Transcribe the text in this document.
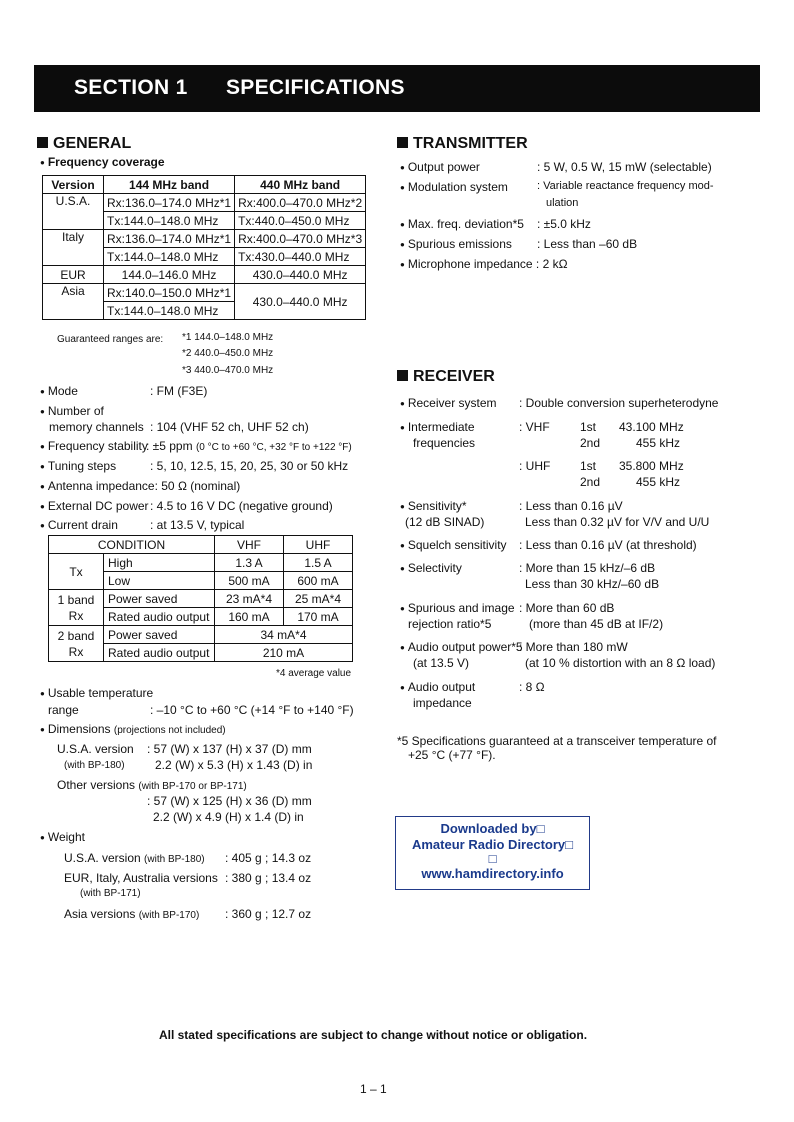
SECTION 1 SPECIFICATIONS
GENERAL
● Frequency coverage
Version	144 MHz band	440 MHz band
U.S.A.	Rx:136.0–174.0 MHz*1	Rx:400.0–470.0 MHz*2
	Tx:144.0–148.0 MHz	Tx:440.0–450.0 MHz
Italy	Rx:136.0–174.0 MHz*1	Rx:400.0–470.0 MHz*3
	Tx:144.0–148.0 MHz	Tx:430.0–440.0 MHz
EUR	144.0–146.0 MHz	430.0–440.0 MHz
Asia	Rx:140.0–150.0 MHz*1	430.0–440.0 MHz
	Tx:144.0–148.0 MHz	
Guaranteed ranges are: *1 144.0–148.0 MHz
*2 440.0–450.0 MHz
*3 440.0–470.0 MHz
● Mode	: FM (F3E)
● Number of
memory channels : 104 (VHF 52 ch, UHF 52 ch)
● Frequency stability
: ±5 ppm (0 °C to +60 °C, +32 °F to +122 °F)
● Tuning steps	: 5, 10, 12.5, 15, 20, 25, 30 or 50 kHz
● Antenna impedance: 50 Ω (nominal)
● External DC power : 4.5 to 16 V DC (negative ground)
● Current drain	: at 13.5 V, typical
CONDITION		VHF	UHF
Tx	High	1.3 A	1.5 A
	Low	500 mA	600 mA
1 band
Rx	Power saved	23 mA*4	25 mA*4
	Rated audio output	160 mA	170 mA
2 band
Rx	Power saved	34 mA*4	
	Rated audio output	210 mA	
*4 average value
● Usable temperature
range	: –10 °C to +60 °C (+14 °F to +140 °F)
● Dimensions (projections not included)
U.S.A. version : 57 (W) x 137 (H) x 37 (D) mm
(with BP-180)	2.2 (W) x 5.3 (H) x 1.43 (D) in
Other versions (with BP-170 or BP-171)
: 57 (W) x 125 (H) x 36 (D) mm
2.2 (W) x 4.9 (H) x 1.4 (D) in
● Weight
U.S.A. version (with BP-180) : 405 g ; 14.3 oz
EUR, Italy, Australia versions : 380 g ; 13.4 oz
(with BP-171)
Asia versions (with BP-170) : 360 g ; 12.7 oz
TRANSMITTER
● Output power	: 5 W, 0.5 W, 15 mW (selectable)
● Modulation system	: Variable reactance frequency mod-
ulation
● Max. freq. deviation*5 : ±5.0 kHz
● Spurious emissions : Less than –60 dB
● Microphone impedance : 2 kΩ
RECEIVER
● Receiver system : Double conversion superheterodyne
● Intermediate
frequencies
: VHF	1st 43.100 MHz
2nd	455 kHz
: UHF 1st 35.800 MHz
2nd	455 kHz
● Sensitivity*
(12 dB SINAD)
: Less than 0.16 µV
Less than 0.32 µV for V/V and U/U
● Squelch sensitivity : Less than 0.16 µV (at threshold)
● Selectivity	: More than 15 kHz/–6 dB
Less than 30 kHz/–60 dB
● Spurious and image
rejection ratio*5
: More than 60 dB
(more than 45 dB at IF/2)
● Audio output power*5
(at 13.5 V)
: More than 180 mW
(at 10 % distortion with an 8 Ω load)
● Audio output
impedance
: 8 Ω
*5 Specifications guaranteed at a transceiver temperature of
+25 °C (+77 °F).
Downloaded by□
Amateur Radio Directory□
□
www.hamdirectory.info
All stated specifications are subject to change without notice or obligation.
1 – 1
